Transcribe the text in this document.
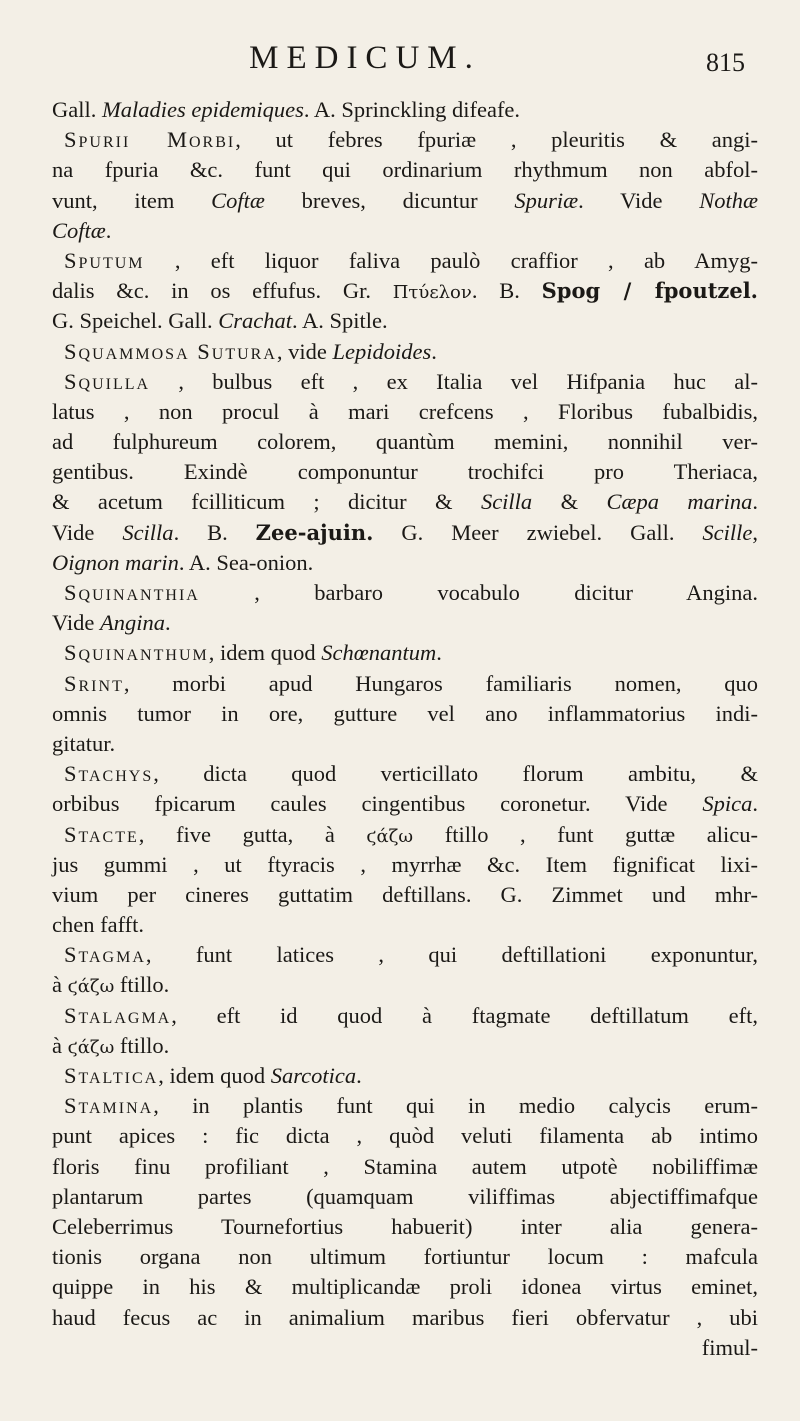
MEDICUM.	815
Gall. Maladies epidemiques. A. Sprinckling difeafe.
Spurii Morbi, ut febres fpuriæ , pleuritis & angi-
na fpuria &c. funt qui ordinarium rhythmum non abfol-
vunt, item Coftæ breves, dicuntur Spuriæ. Vide Nothæ
Coftæ.
Sputum , eft liquor faliva paulò craffior , ab Amyg-
dalis &c. in os effufus. Gr. Πτύελον. B. Spog / fpoutzel.
G. Speichel. Gall. Crachat. A. Spitle.
Squammosa Sutura, vide Lepidoides.
Squilla , bulbus eft , ex Italia vel Hifpania huc al-
latus , non procul à mari crefcens , Floribus fubalbidis,
ad fulphureum colorem, quantùm memini, nonnihil ver-
gentibus. Exindè componuntur trochifci pro Theriaca,
& acetum fcilliticum ; dicitur & Scilla & Cæpa marina.
Vide Scilla. B. Zee-ajuin. G. Meer zwiebel. Gall. Scille,
Oignon marin. A. Sea-onion.
Squinanthia , barbaro vocabulo dicitur Angina.
Vide Angina.
Squinanthum, idem quod Schœnantum.
Srint, morbi apud Hungaros familiaris nomen, quo
omnis tumor in ore, gutture vel ano inflammatorius indi-
gitatur.
Stachys, dicta quod verticillato florum ambitu, &
orbibus fpicarum caules cingentibus coronetur. Vide Spica.
Stacte, five gutta, à ϛάζω ftillo , funt guttæ alicu-
jus gummi , ut ftyracis , myrrhæ &c. Item fignificat lixi-
vium per cineres guttatim deftillans. G. Zimmet und mhr-
chen fafft.
Stagma, funt latices , qui deftillationi exponuntur,
à ϛάζω ftillo.
Stalagma, eft id quod à ftagmate deftillatum eft,
à ϛάζω ftillo.
Staltica, idem quod Sarcotica.
Stamina, in plantis funt qui in medio calycis erum-
punt apices : fic dicta , quòd veluti filamenta ab intimo
floris finu profiliant , Stamina autem utpotè nobiliffimæ
plantarum partes (quamquam viliffimas abjectiffimafque
Celeberrimus Tournefortius habuerit) inter alia genera-
tionis organa non ultimum fortiuntur locum : mafcula
quippe in his & multiplicandæ proli idonea virtus eminet,
haud fecus ac in animalium maribus fieri obfervatur , ubi
fimul-
